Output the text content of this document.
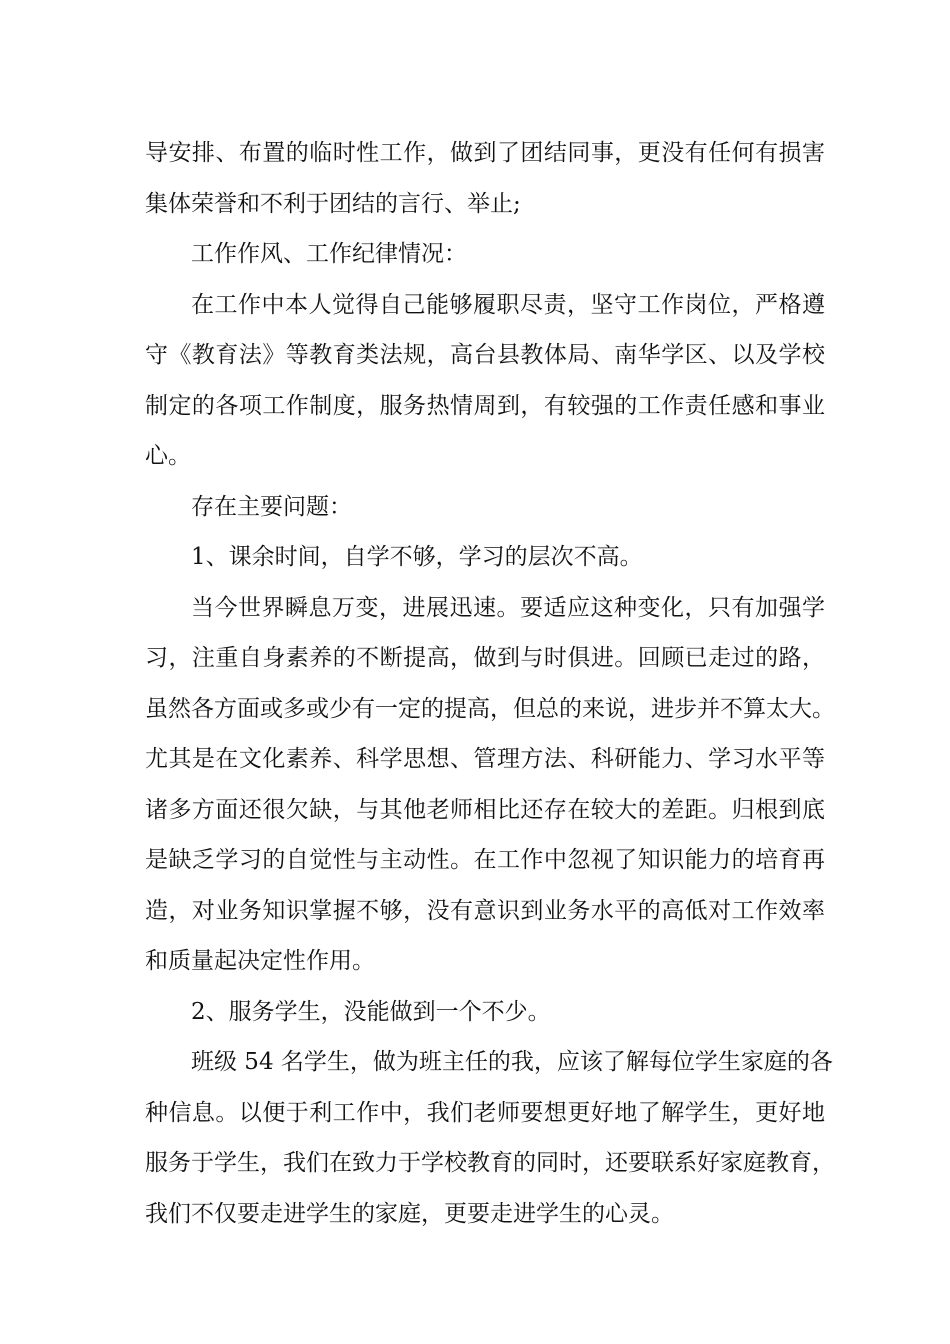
导安排、布置的临时性工作，做到了团结同事，更没有任何有损害
集体荣誉和不利于团结的言行、举止;
工作作风、工作纪律情况：
在工作中本人觉得自己能够履职尽责，坚守工作岗位，严格遵
守《教育法》等教育类法规，高台县教体局、南华学区、以及学校
制定的各项工作制度，服务热情周到，有较强的工作责任感和事业
心。
存在主要问题：
1、课余时间，自学不够，学习的层次不高。
当今世界瞬息万变，进展迅速。要适应这种变化，只有加强学
习，注重自身素养的不断提高，做到与时俱进。回顾已走过的路，
虽然各方面或多或少有一定的提高，但总的来说，进步并不算太大。
尤其是在文化素养、科学思想、管理方法、科研能力、学习水平等
诸多方面还很欠缺，与其他老师相比还存在较大的差距。归根到底
是缺乏学习的自觉性与主动性。在工作中忽视了知识能力的培育再
造，对业务知识掌握不够，没有意识到业务水平的高低对工作效率
和质量起决定性作用。
2、服务学生，没能做到一个不少。
班级 54 名学生，做为班主任的我，应该了解每位学生家庭的各
种信息。以便于利工作中，我们老师要想更好地了解学生，更好地
服务于学生，我们在致力于学校教育的同时，还要联系好家庭教育，
我们不仅要走进学生的家庭，更要走进学生的心灵。
